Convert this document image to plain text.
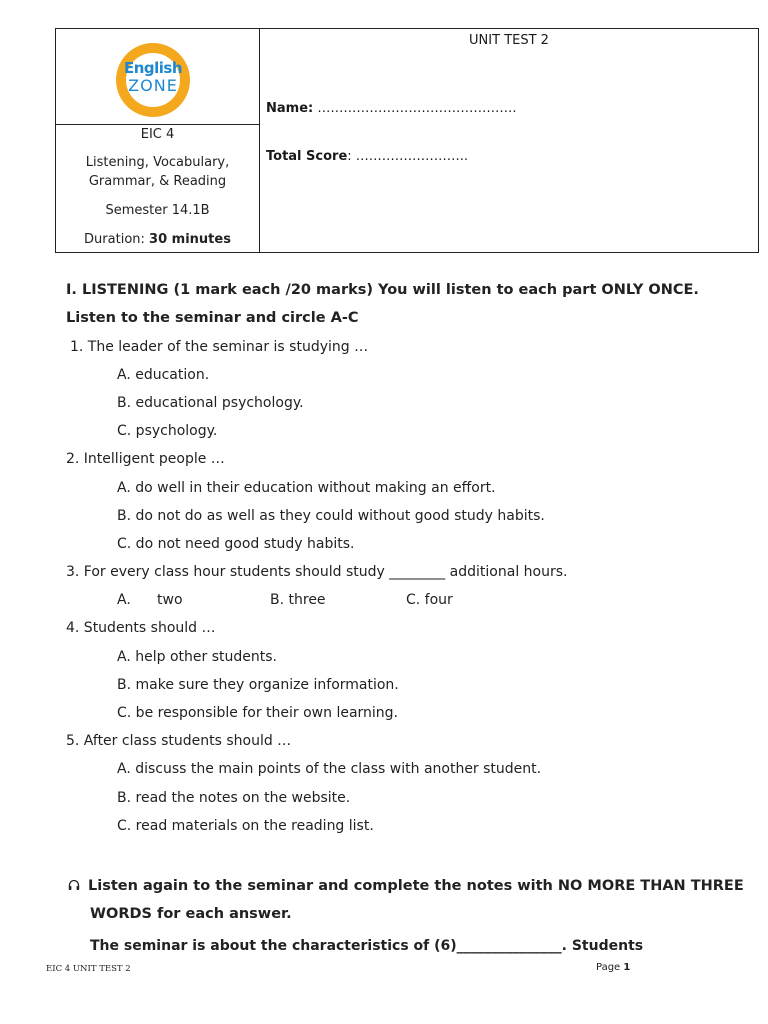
English
ZONE
EIC 4
Listening, Vocabulary,
Grammar, & Reading
Semester 14.1B
Duration: 30 minutes
UNIT TEST 2
Name: ……………………………………….
Total Score: ……………………..
I. LISTENING (1 mark each /20 marks) You will listen to each part ONLY ONCE.
Listen to the seminar and circle A-C
1. The leader of the seminar is studying …
A. education.
B. educational psychology.
C. psychology.
2. Intelligent people …
A. do well in their education without making an effort.
B. do not do as well as they could without good study habits.
C. do not need good study habits.
3. For every class hour students should study ________ additional hours.
A. two	B. three	C. four
4. Students should …
A. help other students.
B. make sure they organize information.
C. be responsible for their own learning.
5. After class students should …
A. discuss the main points of the class with another student.
B. read the notes on the website.
C. read materials on the reading list.
Listen again to the seminar and complete the notes with NO MORE THAN THREE
WORDS for each answer.
The seminar is about the characteristics of (6)_______________. Students
EIC 4 UNIT TEST 2	Page 1
